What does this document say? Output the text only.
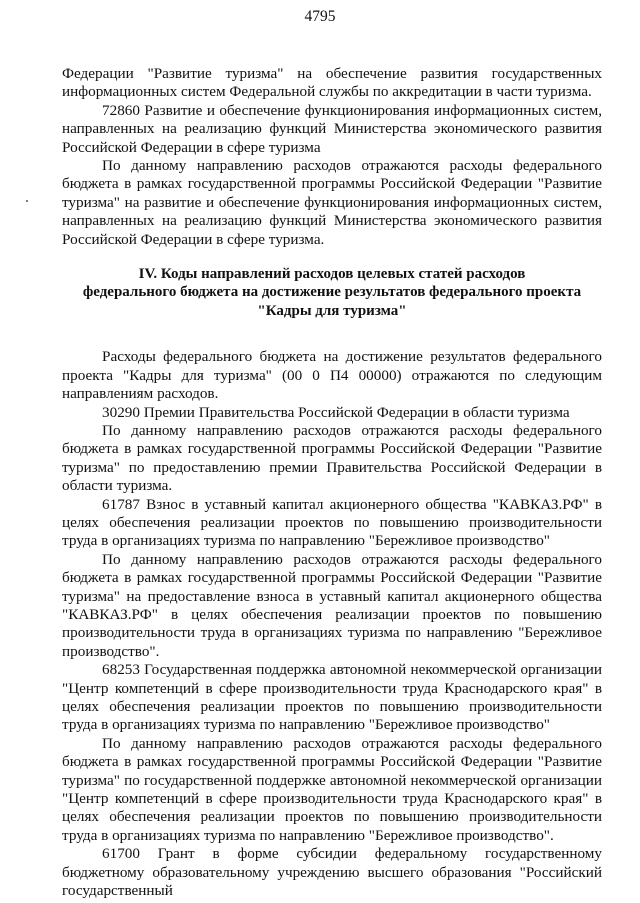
4795

Федерации "Развитие туризма" на обеспечение развития государственных информационных систем Федеральной службы по аккредитации в части туризма.

72860 Развитие и обеспечение функционирования информационных систем, направленных на реализацию функций Министерства экономического развития Российской Федерации в сфере туризма

По данному направлению расходов отражаются расходы федерального бюджета в рамках государственной программы Российской Федерации "Развитие туризма" на развитие и обеспечение функционирования информационных систем, направленных на реализацию функций Министерства экономического развития Российской Федерации в сфере туризма.

IV. Коды направлений расходов целевых статей расходов
федерального бюджета на достижение результатов федерального проекта
"Кадры для туризма"

Расходы федерального бюджета на достижение результатов федерального проекта "Кадры для туризма" (00 0 П4 00000) отражаются по следующим направлениям расходов.

30290 Премии Правительства Российской Федерации в области туризма

По данному направлению расходов отражаются расходы федерального бюджета в рамках государственной программы Российской Федерации "Развитие туризма" по предоставлению премии Правительства Российской Федерации в области туризма.

61787 Взнос в уставный капитал акционерного общества "КАВКАЗ.РФ" в целях обеспечения реализации проектов по повышению производительности труда в организациях туризма по направлению "Бережливое производство"

По данному направлению расходов отражаются расходы федерального бюджета в рамках государственной программы Российской Федерации "Развитие туризма" на предоставление взноса в уставный капитал акционерного общества "КАВКАЗ.РФ" в целях обеспечения реализации проектов по повышению производительности труда в организациях туризма по направлению "Бережливое производство".

68253 Государственная поддержка автономной некоммерческой организации "Центр компетенций в сфере производительности труда Краснодарского края" в целях обеспечения реализации проектов по повышению производительности труда в организациях туризма по направлению "Бережливое производство"

По данному направлению расходов отражаются расходы федерального бюджета в рамках государственной программы Российской Федерации "Развитие туризма" по государственной поддержке автономной некоммерческой организации "Центр компетенций в сфере производительности труда Краснодарского края" в целях обеспечения реализации проектов по повышению производительности труда в организациях туризма по направлению "Бережливое производство".

61700 Грант в форме субсидии федеральному государственному бюджетному образовательному учреждению высшего образования "Российский государственный
